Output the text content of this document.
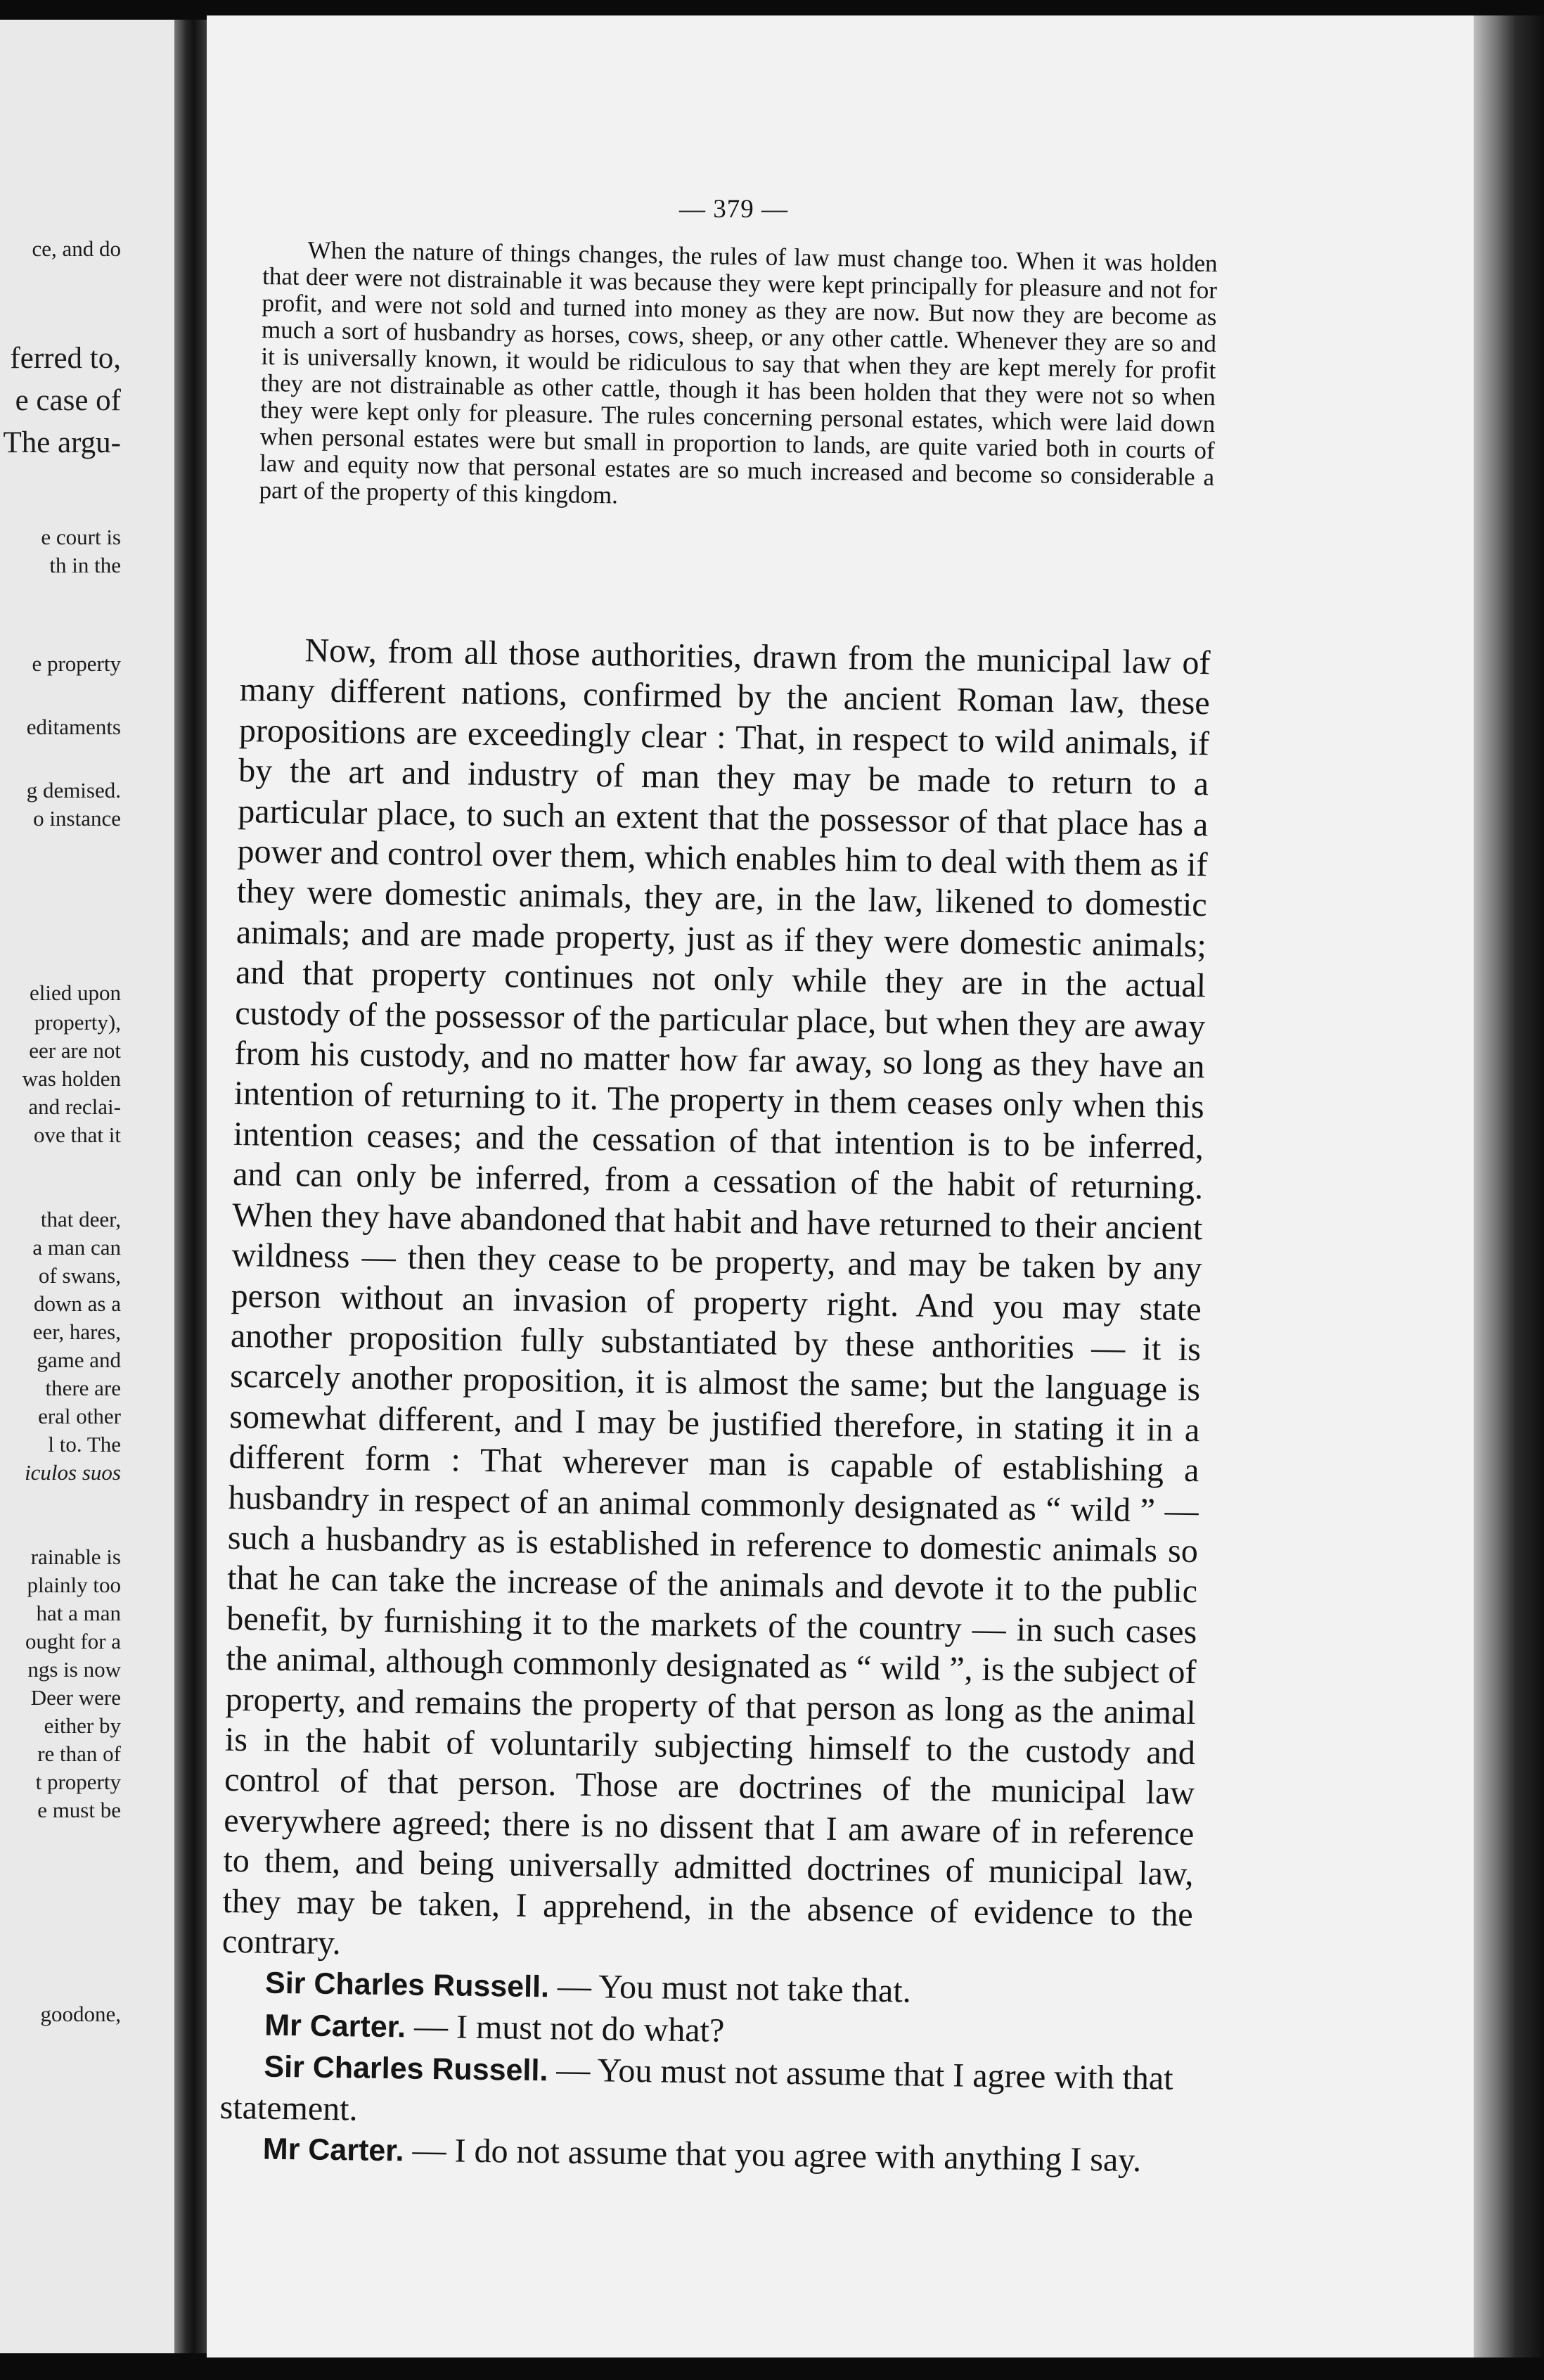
ce, and do
ferred to,
e case of
The argu-
e court is
th in the
e property
editaments
g demised.
o instance
elied upon
property),
eer are not
was holden
and reclai-
ove that it
that deer,
a man can
of swans,
down as a
eer, hares,
game and
there are
eral other
l to. The
iculos suos
rainable is
plainly too
hat a man
ought for a
ngs is now
Deer were
either by
re than of
t property
e must be
goodone,
— 379 —

When the nature of things changes, the rules of law must change too. When it was holden that deer were not distrainable it was because they were kept principally for pleasure and not for profit, and were not sold and turned into money as they are now. But now they are become as much a sort of husbandry as horses, cows, sheep, or any other cattle. Whenever they are so and it is universally known, it would be ridiculous to say that when they are kept merely for profit they are not distrainable as other cattle, though it has been holden that they were not so when they were kept only for pleasure. The rules concerning personal estates, which were laid down when personal estates were but small in proportion to lands, are quite varied both in courts of law and equity now that personal estates are so much increased and become so considerable a part of the property of this kingdom.

Now, from all those authorities, drawn from the municipal law of many different nations, confirmed by the ancient Roman law, these propositions are exceedingly clear : That, in respect to wild animals, if by the art and industry of man they may be made to return to a particular place, to such an extent that the possessor of that place has a power and control over them, which enables him to deal with them as if they were domestic animals, they are, in the law, likened to domestic animals; and are made property, just as if they were domestic animals; and that property continues not only while they are in the actual custody of the possessor of the particular place, but when they are away from his custody, and no matter how far away, so long as they have an intention of returning to it. The property in them ceases only when this intention ceases; and the cessation of that intention is to be inferred, and can only be inferred, from a cessation of the habit of returning. When they have abandoned that habit and have returned to their ancient wildness — then they cease to be property, and may be taken by any person without an invasion of property right. And you may state another proposition fully substantiated by these anthorities — it is scarcely another proposition, it is almost the same; but the language is somewhat different, and I may be justified therefore, in stating it in a different form : That wherever man is capable of establishing a husbandry in respect of an animal commonly designated as “ wild ” — such a husbandry as is established in reference to domestic animals so that he can take the increase of the animals and devote it to the public benefit, by furnishing it to the markets of the country — in such cases the animal, although commonly designated as “ wild ”, is the subject of property, and remains the property of that person as long as the animal is in the habit of voluntarily subjecting himself to the custody and control of that person. Those are doctrines of the municipal law everywhere agreed; there is no dissent that I am aware of in reference to them, and being universally admitted doctrines of municipal law, they may be taken, I apprehend, in the absence of evidence to the contrary.

Sir Charles Russell. — You must not take that.

Mr Carter. — I must not do what?

Sir Charles Russell. — You must not assume that I agree with that statement.

Mr Carter. — I do not assume that you agree with anything I say.
